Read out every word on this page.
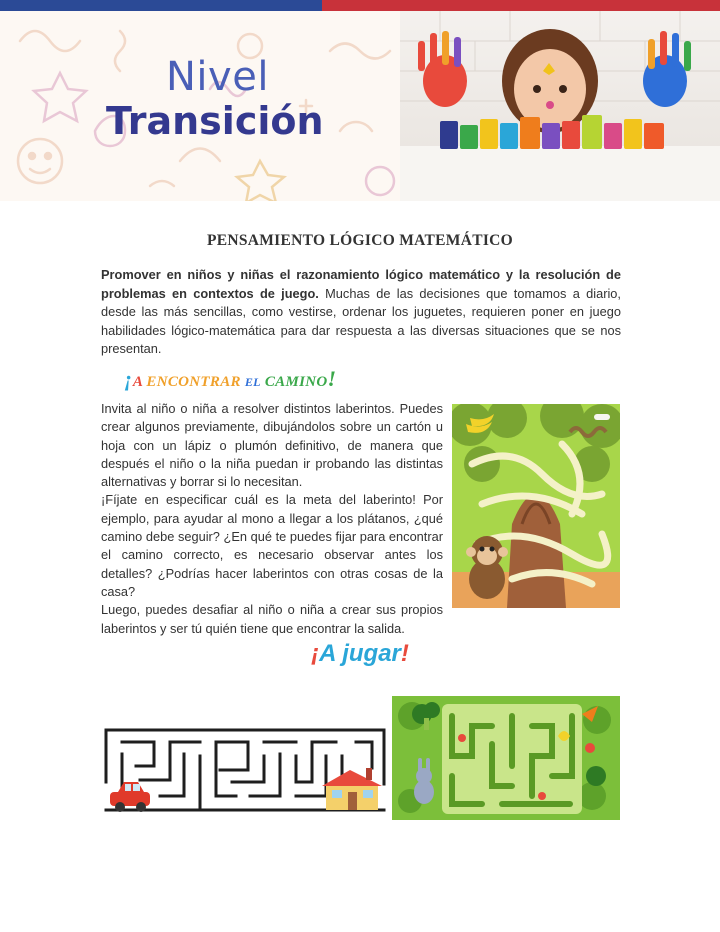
Nivel
Transición
PENSAMIENTO LÓGICO MATEMÁTICO

Promover en niños y niñas el razonamiento lógico matemático y la resolución de problemas en contextos de juego. Muchas de las decisiones que tomamos a diario, desde las más sencillas, como vestirse, ordenar los juguetes, requieren poner en juego habilidades lógico-matemática para dar respuesta a las diversas situaciones que se nos presentan.

¡A ENCONTRAR EL CAMINO!

Invita al niño o niña a resolver distintos laberintos. Puedes crear algunos previamente, dibujándolos sobre un cartón u hoja con un lápiz o plumón definitivo, de manera que después el niño o la niña puedan ir probando las distintas alternativas y borrar si lo necesitan.

¡Fíjate en especificar cuál es la meta del laberinto! Por ejemplo, para ayudar al mono a llegar a los plátanos, ¿qué camino debe seguir? ¿En qué te puedes fijar para encontrar el camino correcto, es necesario observar antes los detalles? ¿Podrías hacer laberintos con otras cosas de la casa?

Luego, puedes desafiar al niño o niña a crear sus propios laberintos y ser tú quién tiene que encontrar la salida.

¡A jugar!
